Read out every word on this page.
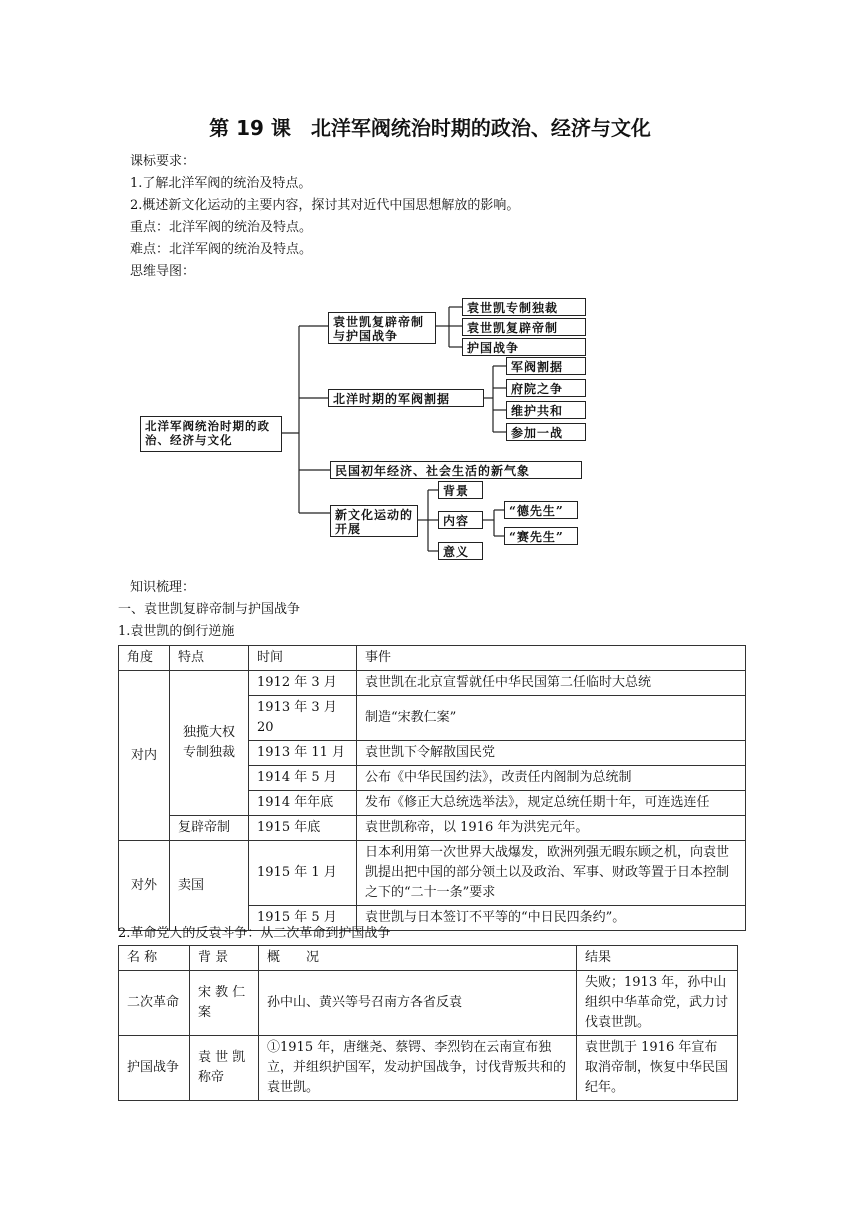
第 19 课　北洋军阀统治时期的政治、经济与文化
课标要求：
1.了解北洋军阀的统治及特点。
2.概述新文化运动的主要内容，探讨其对近代中国思想解放的影响。
重点：北洋军阀的统治及特点。
难点：北洋军阀的统治及特点。
思维导图：
北洋军阀统治时期的政治、经济与文化
袁世凯复辟帝制与护国战争
袁世凯专制独裁
袁世凯复辟帝制
护国战争
北洋时期的军阀割据
军阀割据
府院之争
维护共和
参加一战
民国初年经济、社会生活的新气象
新文化运动的开展
背景
内容
意义
“德先生”
“赛先生”
知识梳理：
一、袁世凯复辟帝制与护国战争
1.袁世凯的倒行逆施
角度	特点	时间	事件
对内	独揽大权专制独裁	1912 年 3 月	袁世凯在北京宣誓就任中华民国第二任临时大总统
		1913 年 3 月 20	制造“宋教仁案”
		1913 年 11 月	袁世凯下令解散国民党
		1914 年 5 月	公布《中华民国约法》，改责任内阁制为总统制
		1914 年年底	发布《修正大总统选举法》，规定总统任期十年，可连选连任
	复辟帝制	1915 年底	袁世凯称帝，以 1916 年为洪宪元年。
对外	卖国	1915 年 1 月	日本利用第一次世界大战爆发，欧洲列强无暇东顾之机，向袁世凯提出把中国的部分领土以及政治、军事、财政等置于日本控制之下的“二十一条”要求
		1915 年 5 月	袁世凯与日本签订不平等的“中日民四条约”。
2.革命党人的反袁斗争：从二次革命到护国战争
名 称	背 景	概　　况	结果
二次革命	宋 教 仁 案	孙中山、黄兴等号召南方各省反袁	失败；1913 年，孙中山组织中华革命党，武力讨伐袁世凯。
护国战争	袁 世 凯 称帝	①1915 年，唐继尧、蔡锷、李烈钧在云南宣布独立，并组织护国军，发动护国战争，讨伐背叛共和的袁世凯。	袁世凯于 1916 年宣布取消帝制，恢复中华民国纪年。
